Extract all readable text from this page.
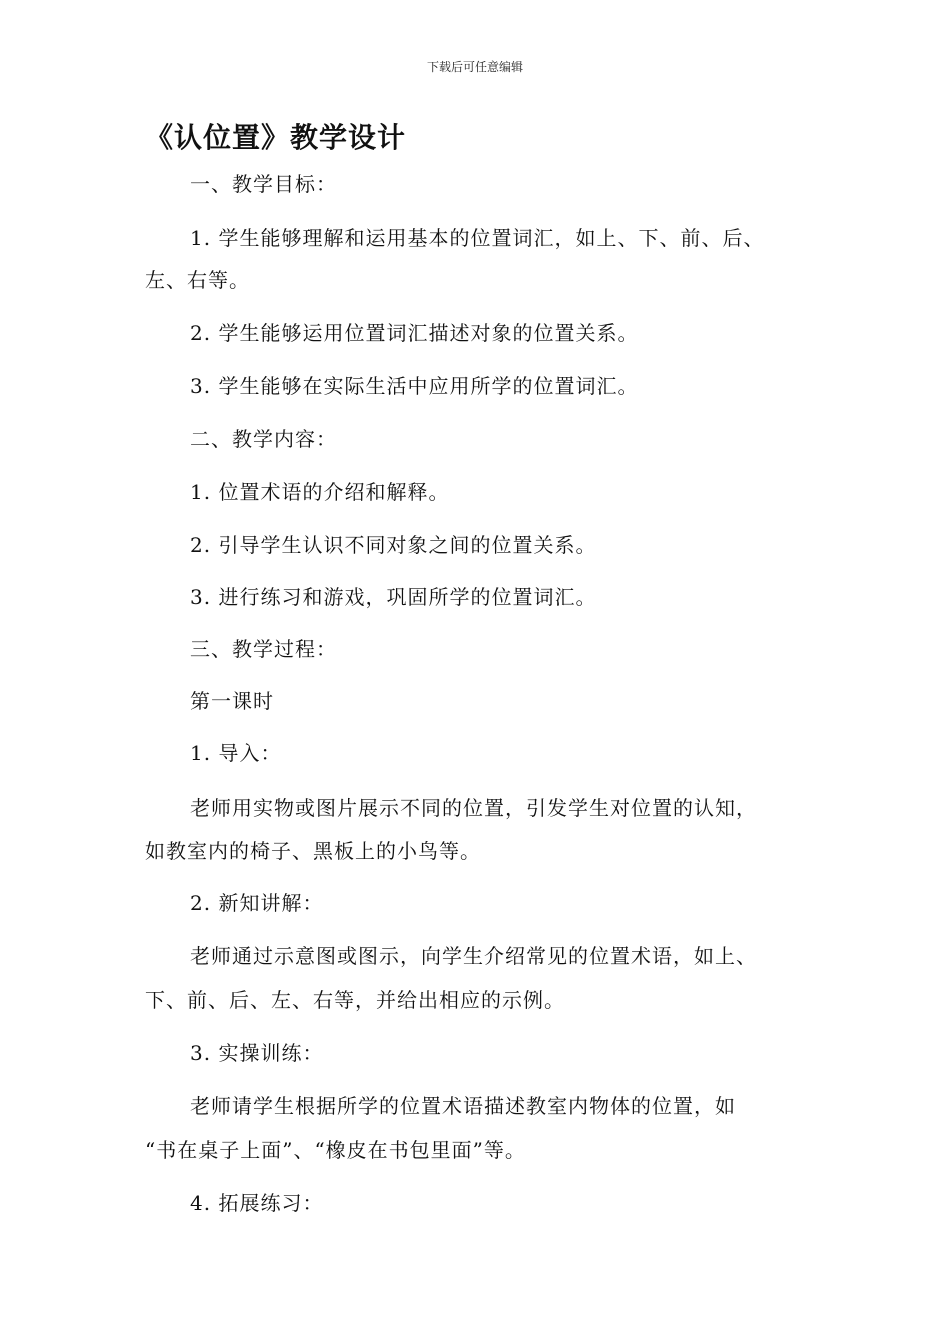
下载后可任意编辑
《认位置》教学设计
一、教学目标：
1. 学生能够理解和运用基本的位置词汇，如上、下、前、后、
左、右等。
2. 学生能够运用位置词汇描述对象的位置关系。
3. 学生能够在实际生活中应用所学的位置词汇。
二、教学内容：
1. 位置术语的介绍和解释。
2. 引导学生认识不同对象之间的位置关系。
3. 进行练习和游戏，巩固所学的位置词汇。
三、教学过程：
第一课时
1. 导入：
老师用实物或图片展示不同的位置，引发学生对位置的认知，
如教室内的椅子、黑板上的小鸟等。
2. 新知讲解：
老师通过示意图或图示，向学生介绍常见的位置术语，如上、
下、前、后、左、右等，并给出相应的示例。
3. 实操训练：
老师请学生根据所学的位置术语描述教室内物体的位置，如
“书在桌子上面”、“橡皮在书包里面”等。
4. 拓展练习：
